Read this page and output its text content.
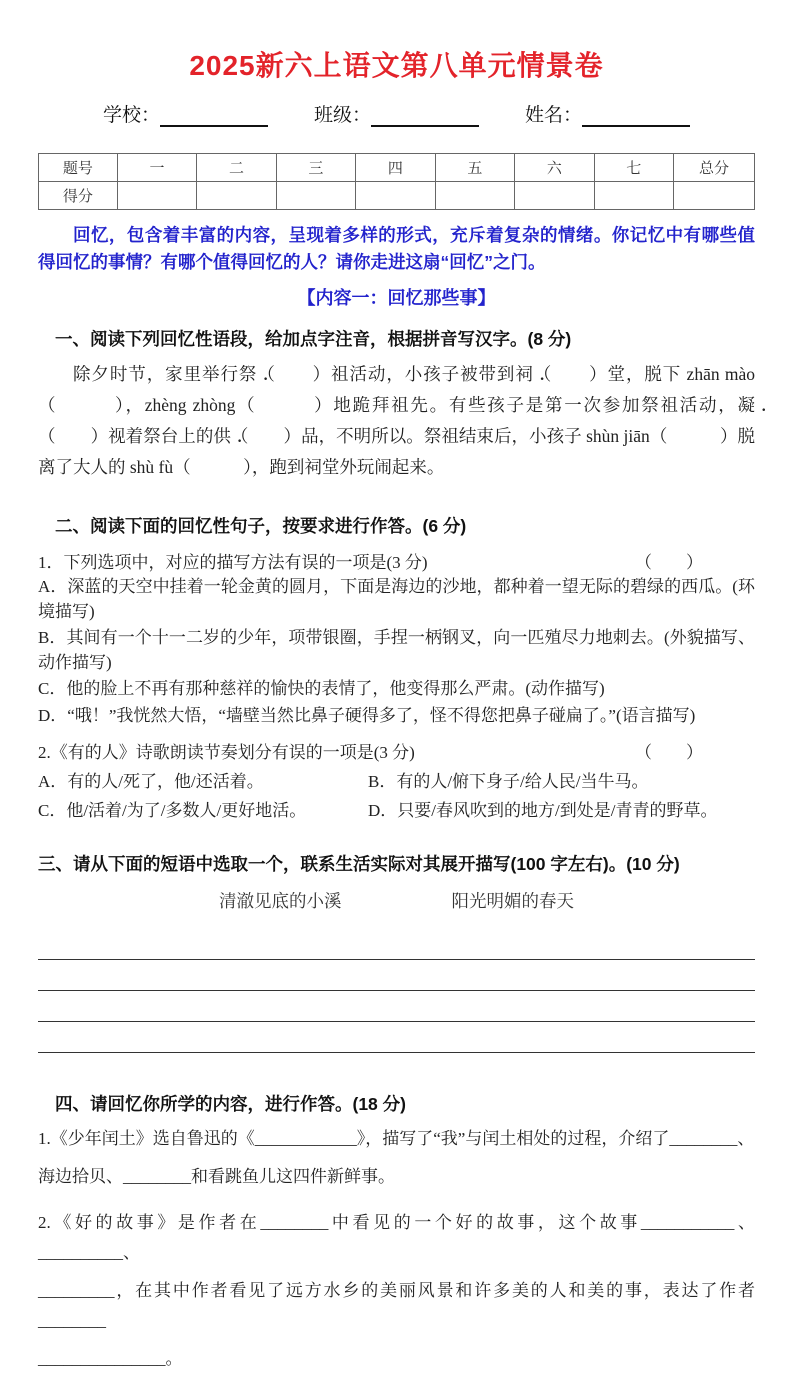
2025新六上语文第八单元情景卷
学校：	班级：	姓名：
题号	一	二	三	四	五	六	七	总分
得分								
回忆，包含着丰富的内容，呈现着多样的形式，充斥着复杂的情绪。你记忆中有哪些值得回忆的事情？有哪个值得回忆的人？请你走进这扇“回忆”之门。
【内容一：回忆那些事】
一、阅读下列回忆性语段，给加点字注音，根据拼音写汉字。(8 分)
除夕时节，家里举行祭（　　）祖活动，小孩子被带到祠（　　）堂，脱下 zhān mào（　　　），zhèng zhòng（　　　）地跪拜祖先。有些孩子是第一次参加祭祖活动，凝（　　）视着祭台上的供（　　）品，不明所以。祭祖结束后，小孩子 shùn jiān（　　　）脱离了大人的 shù fù（　　　），跑到祠堂外玩闹起来。
二、阅读下面的回忆性句子，按要求进行作答。(6 分)
1．下列选项中，对应的描写方法有误的一项是(3 分)	（　　）
A．深蓝的天空中挂着一轮金黄的圆月，下面是海边的沙地，都种着一望无际的碧绿的西瓜。(环境描写)
B．其间有一个十一二岁的少年，项带银圈，手捏一柄钢叉，向一匹殖尽力地刺去。(外貌描写、动作描写)
C．他的脸上不再有那种慈祥的愉快的表情了，他变得那么严肃。(动作描写)
D．“哦！”我恍然大悟，“墙壁当然比鼻子硬得多了，怪不得您把鼻子碰扁了。”(语言描写)
2.《有的人》诗歌朗读节奏划分有误的一项是(3 分)	（　　）
A．有的人/死了，他/还活着。	B．有的人/俯下身子/给人民/当牛马。
C．他/活着/为了/多数人/更好地活。	D．只要/春风吹到的地方/到处是/青青的野草。
三、请从下面的短语中选取一个，联系生活实际对其展开描写(100 字左右)。(10 分)
清澈见底的小溪	阳光明媚的春天
四、请回忆你所学的内容，进行作答。(18 分)
1.《少年闰土》选自鲁迅的《____________》，描写了“我”与闰土相处的过程，介绍了________、
海边拾贝、________和看跳鱼儿这四件新鲜事。
2.《好的故事》是作者在________中看见的一个好的故事，这个故事___________、__________、
_________，在其中作者看见了远方水乡的美丽风景和许多美的人和美的事，表达了作者________
_______________。
